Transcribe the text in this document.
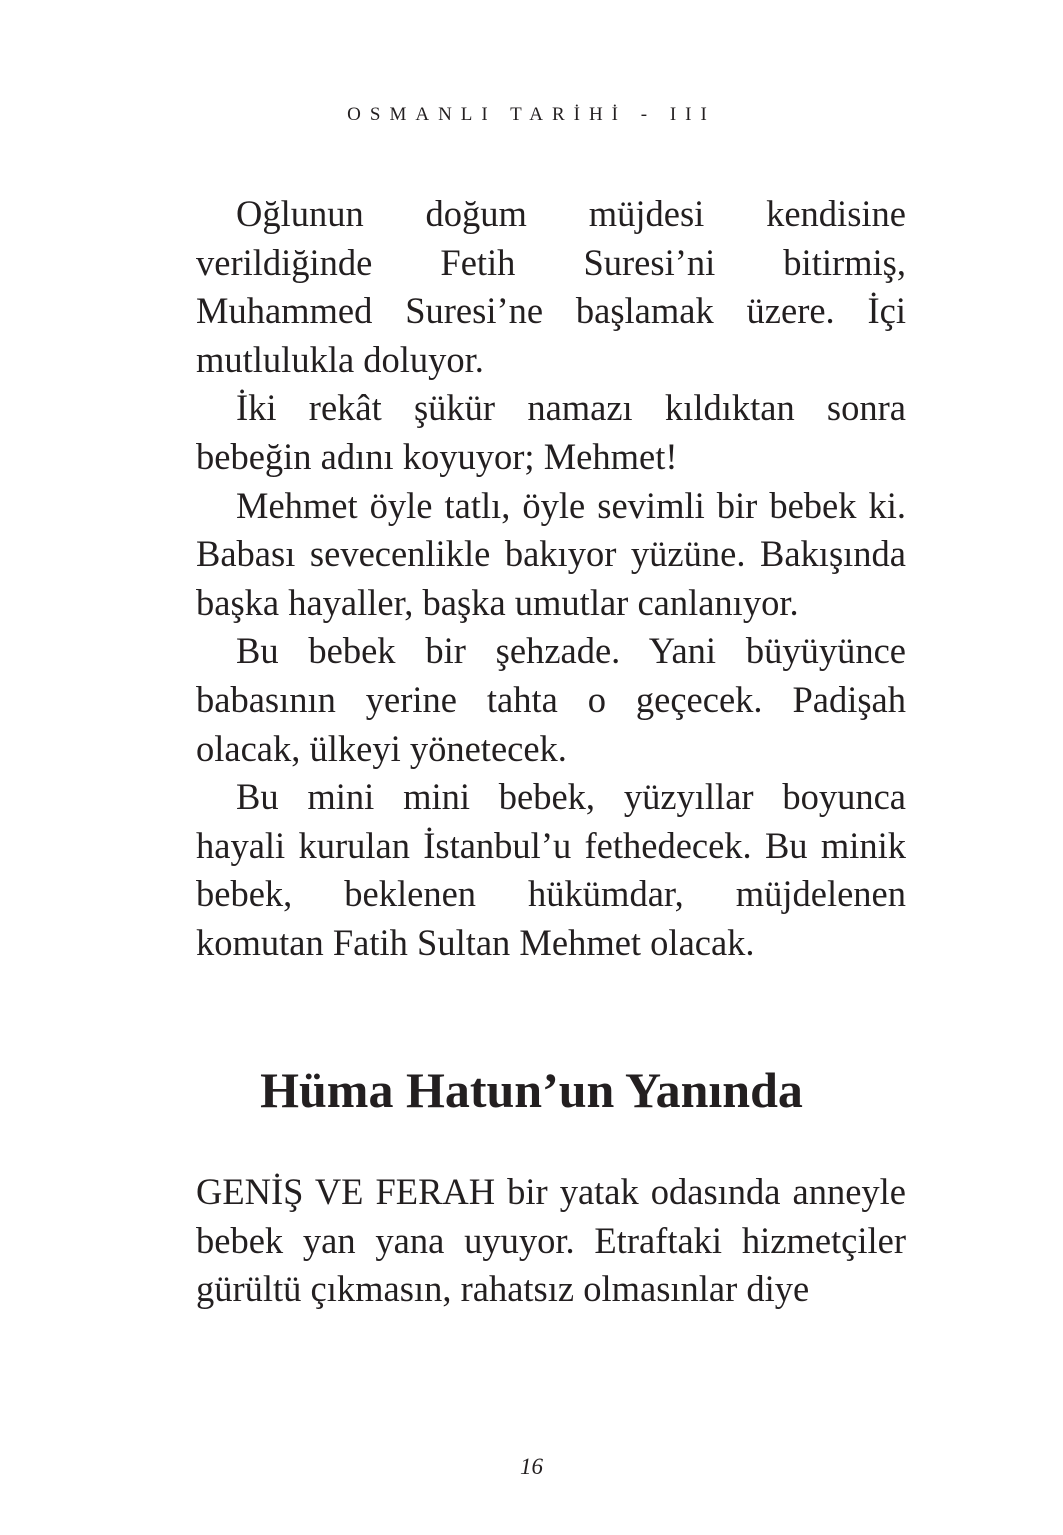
OSMANLI TARİHİ - III

Oğlunun doğum müjdesi kendisine verildiğinde Fetih Suresi’ni bitirmiş, Muhammed Suresi’ne başlamak üzere. İçi mutlulukla doluyor.

İki rekât şükür namazı kıldıktan sonra bebeğin adını koyuyor; Mehmet!

Mehmet öyle tatlı, öyle sevimli bir bebek ki. Babası sevecenlikle bakıyor yüzüne. Bakışında başka hayaller, başka umutlar canlanıyor.

Bu bebek bir şehzade. Yani büyüyünce babasının yerine tahta o geçecek. Padişah olacak, ülkeyi yönetecek.

Bu mini mini bebek, yüzyıllar boyunca hayali kurulan İstanbul’u fethedecek. Bu minik bebek, beklenen hükümdar, müjdelenen komutan Fatih Sultan Mehmet olacak.

Hüma Hatun’un Yanında

GENİŞ VE FERAH bir yatak odasında anneyle bebek yan yana uyuyor. Etraftaki hizmetçiler gürültü çıkmasın, rahatsız olmasınlar diye

16
